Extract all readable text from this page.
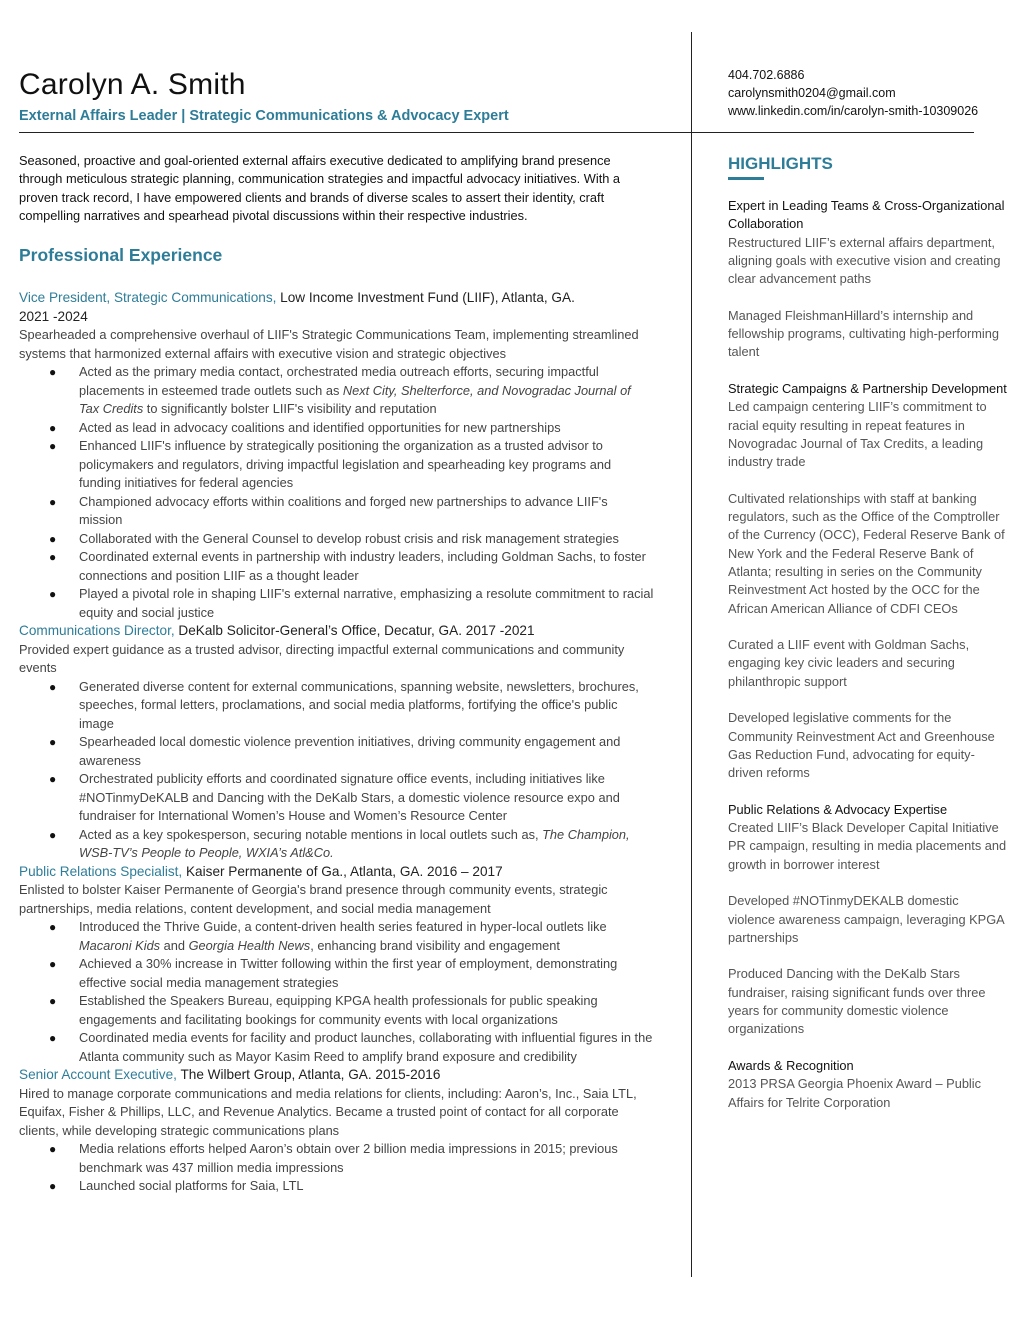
Carolyn A. Smith
External Affairs Leader | Strategic Communications & Advocacy Expert
404.702.6886
carolynsmith0204@gmail.com
www.linkedin.com/in/carolyn-smith-10309026
Seasoned, proactive and goal-oriented external affairs executive dedicated to amplifying brand presence through meticulous strategic planning, communication strategies and impactful advocacy initiatives. With a proven track record, I have empowered clients and brands of diverse scales to assert their identity, craft compelling narratives and spearhead pivotal discussions within their respective industries.
Professional Experience
Vice President, Strategic Communications, Low Income Investment Fund (LIIF), Atlanta, GA.
2021 -2024
Spearheaded a comprehensive overhaul of LIIF's Strategic Communications Team, implementing streamlined systems that harmonized external affairs with executive vision and strategic objectives
● Acted as the primary media contact, orchestrated media outreach efforts, securing impactful placements in esteemed trade outlets such as Next City, Shelterforce, and Novogradac Journal of Tax Credits to significantly bolster LIIF's visibility and reputation
● Acted as lead in advocacy coalitions and identified opportunities for new partnerships
● Enhanced LIIF's influence by strategically positioning the organization as a trusted advisor to policymakers and regulators, driving impactful legislation and spearheading key programs and funding initiatives for federal agencies
● Championed advocacy efforts within coalitions and forged new partnerships to advance LIIF's mission
● Collaborated with the General Counsel to develop robust crisis and risk management strategies
● Coordinated external events in partnership with industry leaders, including Goldman Sachs, to foster connections and position LIIF as a thought leader
● Played a pivotal role in shaping LIIF's external narrative, emphasizing a resolute commitment to racial equity and social justice
Communications Director, DeKalb Solicitor-General’s Office, Decatur, GA. 2017 -2021
Provided expert guidance as a trusted advisor, directing impactful external communications and community events
● Generated diverse content for external communications, spanning website, newsletters, brochures, speeches, formal letters, proclamations, and social media platforms, fortifying the office's public image
● Spearheaded local domestic violence prevention initiatives, driving community engagement and awareness
● Orchestrated publicity efforts and coordinated signature office events, including initiatives like #NOTinmyDeKALB and Dancing with the DeKalb Stars, a domestic violence resource expo and fundraiser for International Women’s House and Women’s Resource Center
● Acted as a key spokesperson, securing notable mentions in local outlets such as, The Champion, WSB-TV’s People to People, WXIA’s Atl&Co.
Public Relations Specialist, Kaiser Permanente of Ga., Atlanta, GA. 2016 – 2017
Enlisted to bolster Kaiser Permanente of Georgia's brand presence through community events, strategic partnerships, media relations, content development, and social media management
● Introduced the Thrive Guide, a content-driven health series featured in hyper-local outlets like Macaroni Kids and Georgia Health News, enhancing brand visibility and engagement
● Achieved a 30% increase in Twitter following within the first year of employment, demonstrating effective social media management strategies
● Established the Speakers Bureau, equipping KPGA health professionals for public speaking engagements and facilitating bookings for community events with local organizations
● Coordinated media events for facility and product launches, collaborating with influential figures in the Atlanta community such as Mayor Kasim Reed to amplify brand exposure and credibility
Senior Account Executive, The Wilbert Group, Atlanta, GA. 2015-2016
Hired to manage corporate communications and media relations for clients, including: Aaron’s, Inc., Saia LTL, Equifax, Fisher & Phillips, LLC, and Revenue Analytics. Became a trusted point of contact for all corporate clients, while developing strategic communications plans
● Media relations efforts helped Aaron’s obtain over 2 billion media impressions in 2015; previous benchmark was 437 million media impressions
● Launched social platforms for Saia, LTL
HIGHLIGHTS
Expert in Leading Teams & Cross-Organizational Collaboration
Restructured LIIF’s external affairs department, aligning goals with executive vision and creating clear advancement paths
Managed FleishmanHillard’s internship and fellowship programs, cultivating high-performing talent
Strategic Campaigns & Partnership Development
Led campaign centering LIIF’s commitment to racial equity resulting in repeat features in Novogradac Journal of Tax Credits, a leading industry trade
Cultivated relationships with staff at banking regulators, such as the Office of the Comptroller of the Currency (OCC), Federal Reserve Bank of New York and the Federal Reserve Bank of Atlanta; resulting in series on the Community Reinvestment Act hosted by the OCC for the African American Alliance of CDFI CEOs
Curated a LIIF event with Goldman Sachs, engaging key civic leaders and securing philanthropic support
Developed legislative comments for the Community Reinvestment Act and Greenhouse Gas Reduction Fund, advocating for equity-driven reforms
Public Relations & Advocacy Expertise
Created LIIF’s Black Developer Capital Initiative PR campaign, resulting in media placements and growth in borrower interest
Developed #NOTinmyDEKALB domestic violence awareness campaign, leveraging KPGA partnerships
Produced Dancing with the DeKalb Stars fundraiser, raising significant funds over three years for community domestic violence organizations
Awards & Recognition
2013 PRSA Georgia Phoenix Award – Public Affairs for Telrite Corporation
